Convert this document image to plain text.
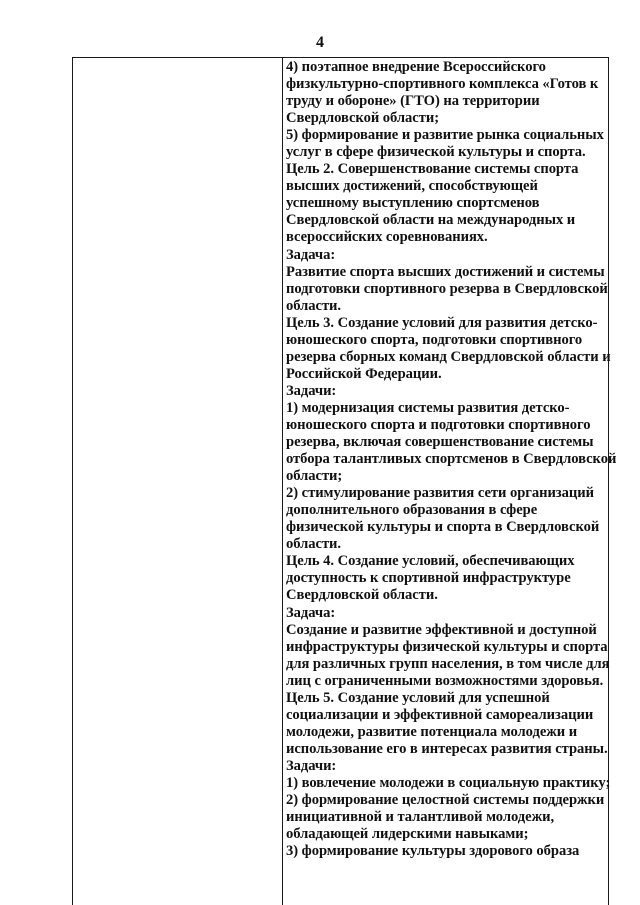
4
4) поэтапное внедрение Всероссийского
физкультурно-спортивного комплекса «Готов к
труду и обороне» (ГТО) на территории
Свердловской области;
5) формирование и развитие рынка социальных
услуг в сфере физической культуры и спорта.
Цель 2. Совершенствование системы спорта
высших достижений, способствующей
успешному выступлению спортсменов
Свердловской области на международных и
всероссийских соревнованиях.
Задача:
Развитие спорта высших достижений и системы
подготовки спортивного резерва в Свердловской
области.
Цель 3. Создание условий для развития детско-
юношеского спорта, подготовки спортивного
резерва сборных команд Свердловской области и
Российской Федерации.
Задачи:
1) модернизация системы развития детско-
юношеского спорта и подготовки спортивного
резерва, включая совершенствование системы
отбора талантливых спортсменов в Свердловской
области;
2) стимулирование развития сети организаций
дополнительного образования в сфере
физической культуры и спорта в Свердловской
области.
Цель 4. Создание условий, обеспечивающих
доступность к спортивной инфраструктуре
Свердловской области.
Задача:
Создание и развитие эффективной и доступной
инфраструктуры физической культуры и спорта
для различных групп населения, в том числе для
лиц с ограниченными возможностями здоровья.
Цель 5. Создание условий для успешной
социализации и эффективной самореализации
молодежи, развитие потенциала молодежи и
использование его в интересах развития страны.
Задачи:
1) вовлечение молодежи в социальную практику;
2) формирование целостной системы поддержки
инициативной и талантливой молодежи,
обладающей лидерскими навыками;
3) формирование культуры здорового образа
